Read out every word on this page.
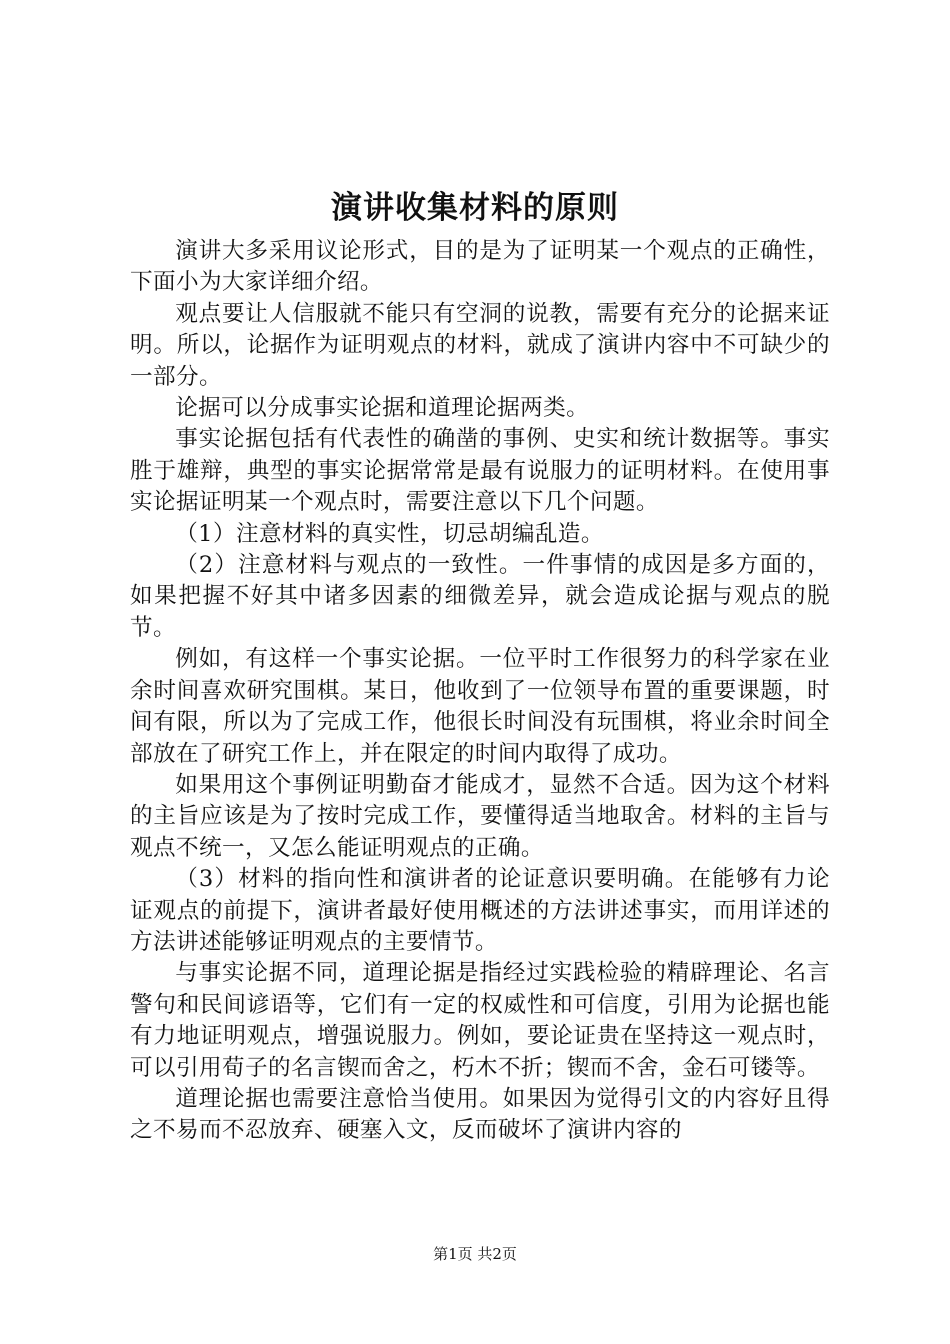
演讲收集材料的原则

演讲大多采用议论形式，目的是为了证明某一个观点的正确性，下面小为大家详细介绍。

观点要让人信服就不能只有空洞的说教，需要有充分的论据来证明。所以，论据作为证明观点的材料，就成了演讲内容中不可缺少的一部分。

论据可以分成事实论据和道理论据两类。

事实论据包括有代表性的确凿的事例、史实和统计数据等。事实胜于雄辩，典型的事实论据常常是最有说服力的证明材料。在使用事实论据证明某一个观点时，需要注意以下几个问题。

（1）注意材料的真实性，切忌胡编乱造。

（2）注意材料与观点的一致性。一件事情的成因是多方面的，如果把握不好其中诸多因素的细微差异，就会造成论据与观点的脱节。

例如，有这样一个事实论据。一位平时工作很努力的科学家在业余时间喜欢研究围棋。某日，他收到了一位领导布置的重要课题，时间有限，所以为了完成工作，他很长时间没有玩围棋，将业余时间全部放在了研究工作上，并在限定的时间内取得了成功。

如果用这个事例证明勤奋才能成才，显然不合适。因为这个材料的主旨应该是为了按时完成工作，要懂得适当地取舍。材料的主旨与观点不统一，又怎么能证明观点的正确。

（3）材料的指向性和演讲者的论证意识要明确。在能够有力论证观点的前提下，演讲者最好使用概述的方法讲述事实，而用详述的方法讲述能够证明观点的主要情节。

与事实论据不同，道理论据是指经过实践检验的精辟理论、名言警句和民间谚语等，它们有一定的权威性和可信度，引用为论据也能有力地证明观点，增强说服力。例如，要论证贵在坚持这一观点时，可以引用荀子的名言锲而舍之，朽木不折；锲而不舍，金石可镂等。

道理论据也需要注意恰当使用。如果因为觉得引文的内容好且得之不易而不忍放弃、硬塞入文，反而破坏了演讲内容的

第1页 共2页
